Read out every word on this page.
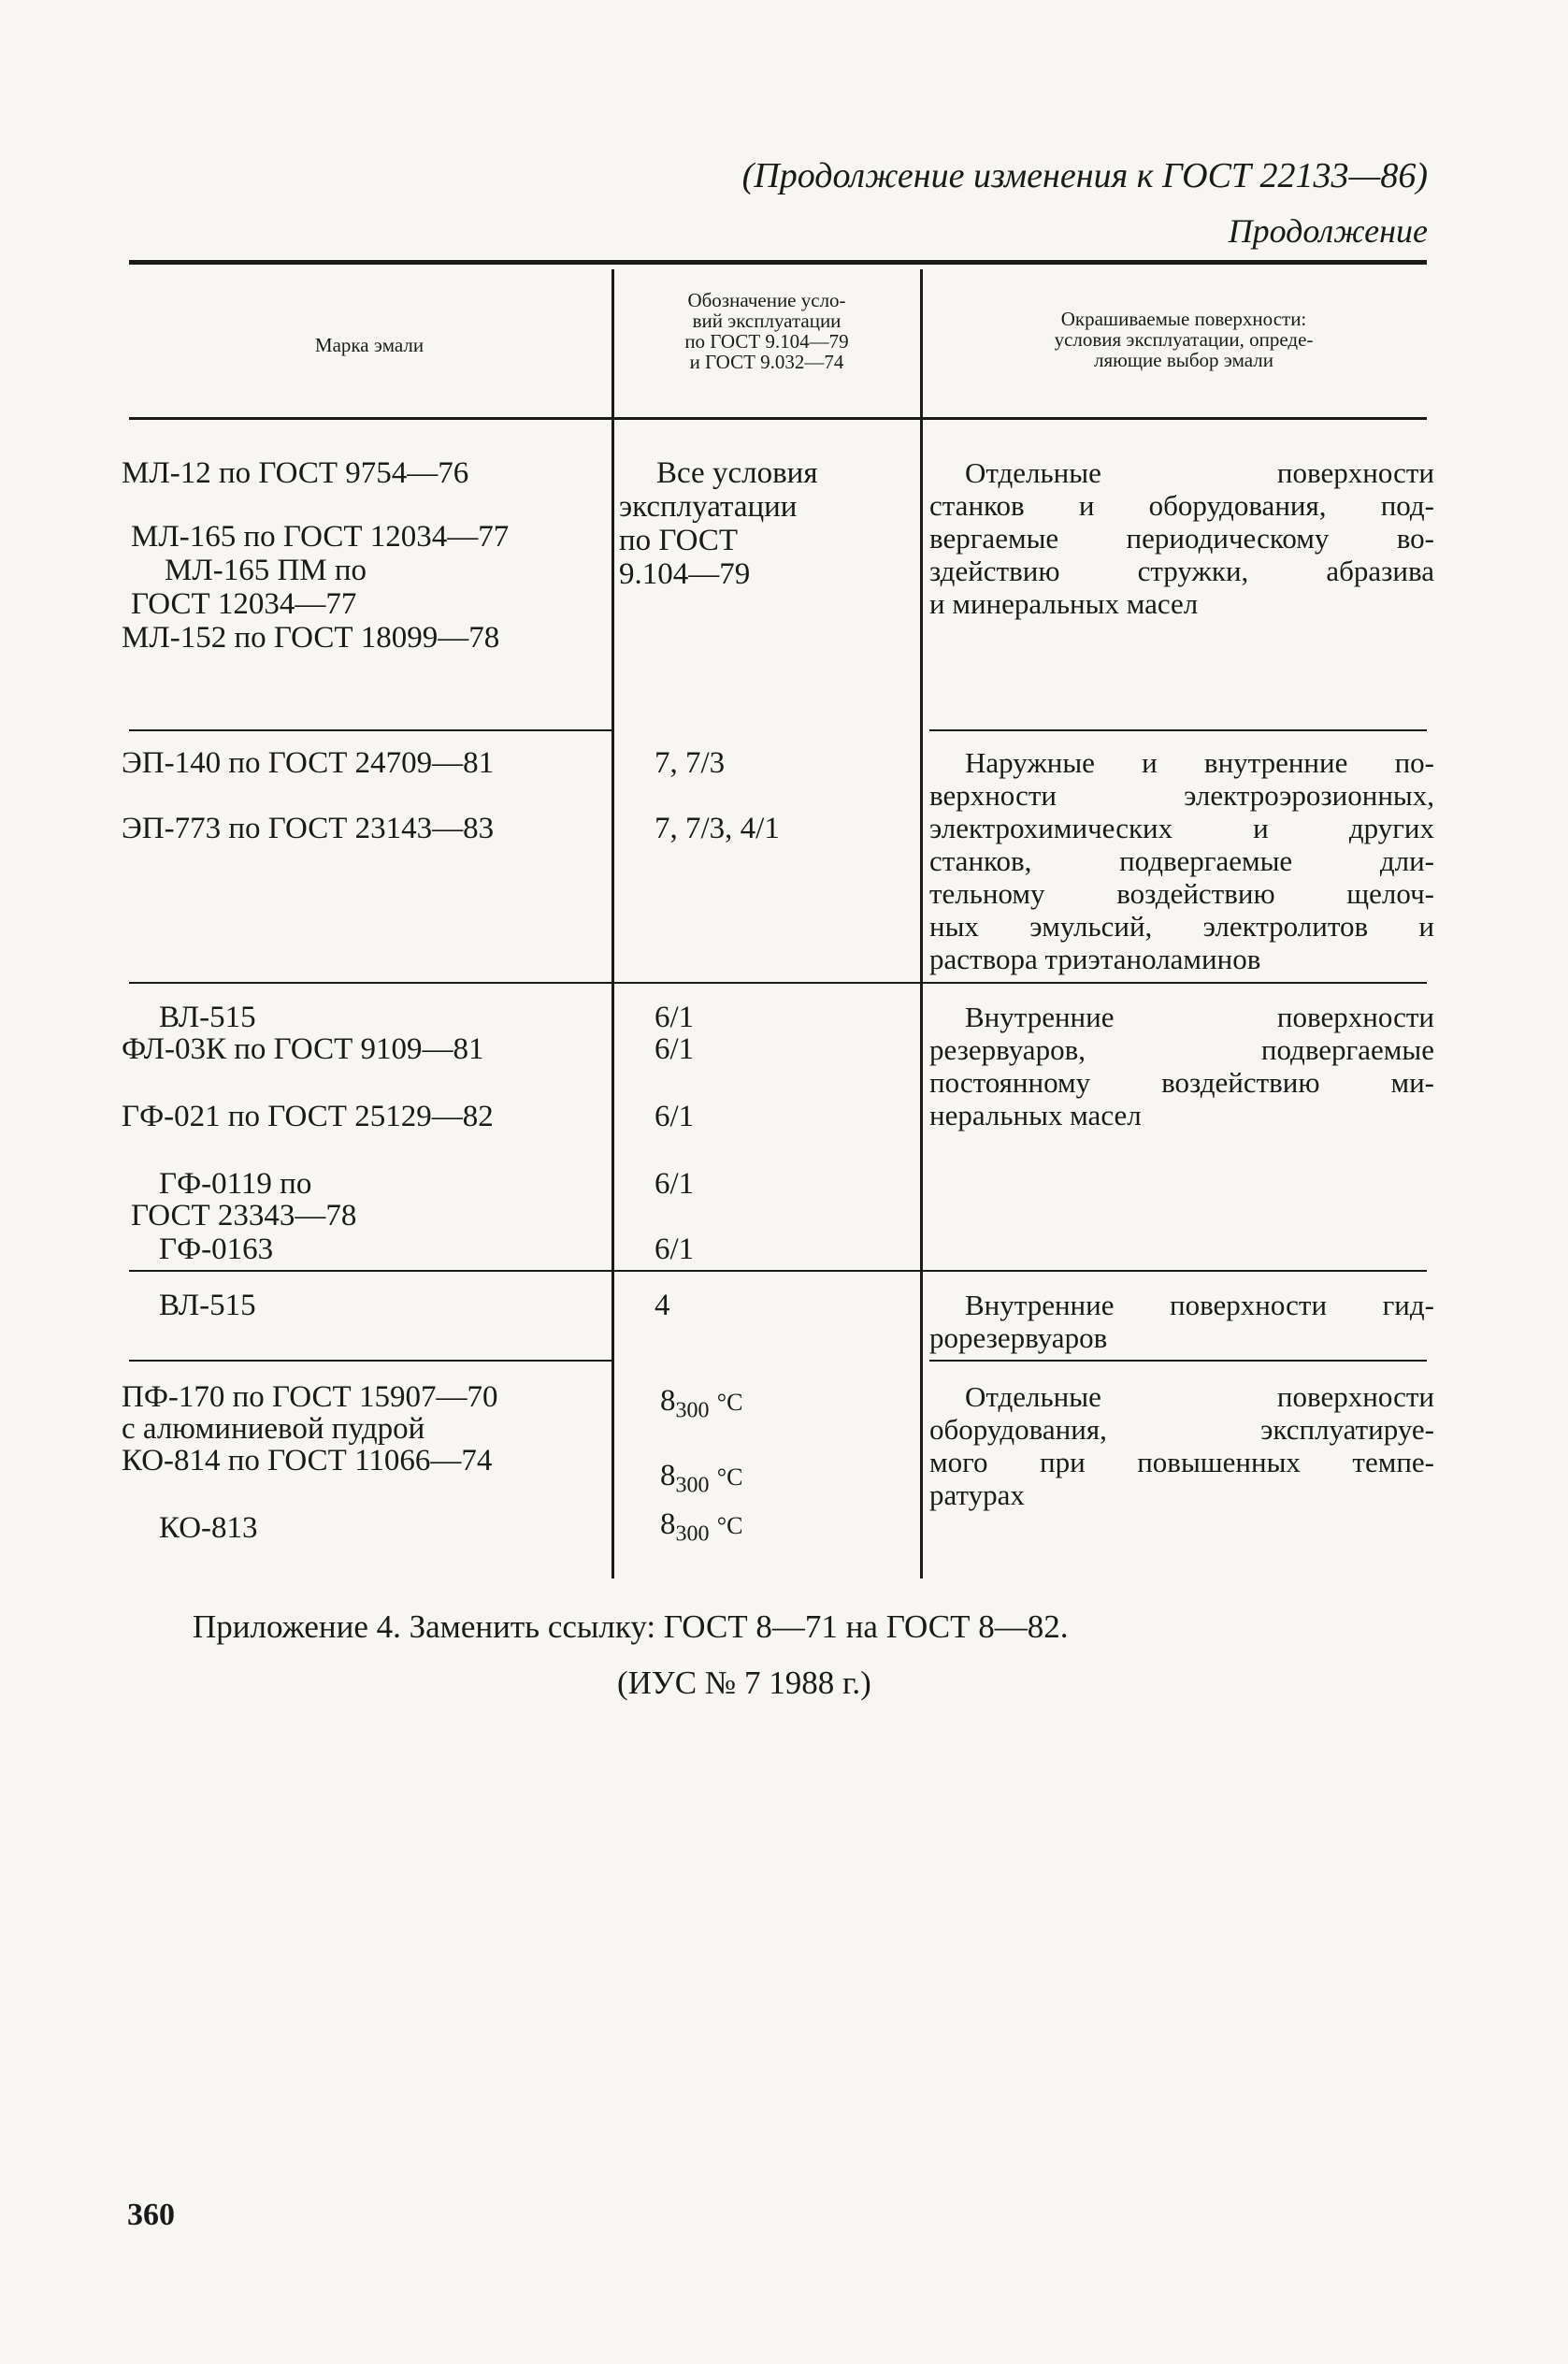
(Продолжение изменения к ГОСТ 22133—86)
Продолжение
Марка эмали
Обозначение усло-
вий эксплуатации
по ГОСТ 9.104—79
и ГОСТ 9.032—74
Окрашиваемые поверхности:
условия эксплуатации, опреде-
ляющие выбор эмали
МЛ-12 по ГОСТ 9754—76
МЛ-165 по ГОСТ 12034—77
МЛ-165 ПМ по
ГОСТ 12034—77
МЛ-152 по ГОСТ 18099—78
Все условия
эксплуатации
по ГОСТ
9.104—79
Отдельные поверхности
станков и оборудования, под-
вергаемые периодическому во-
здействию стружки, абразива
и минеральных масел
ЭП-140 по ГОСТ 24709—81
ЭП-773 по ГОСТ 23143—83
7, 7/3
7, 7/3, 4/1
Наружные и внутренние по-
верхности электроэрозионных,
электрохимических и других
станков, подвергаемые дли-
тельному воздействию щелоч-
ных эмульсий, электролитов и
раствора триэтаноламинов
ВЛ-515
ФЛ-03К по ГОСТ 9109—81
ГФ-021 по ГОСТ 25129—82
ГФ-0119 по
ГОСТ 23343—78
ГФ-0163
6/1
6/1
6/1
6/1
6/1
Внутренние поверхности
резервуаров, подвергаемые
постоянному воздействию ми-
неральных масел
ВЛ-515	4	Внутренние поверхности гид-
рорезервуаров
ПФ-170 по ГОСТ 15907—70
с алюминиевой пудрой
КО-814 по ГОСТ 11066—74
КО-813
$8_{300}$ °С
$8_{300}$ °С
$8_{300}$ °С
Отдельные поверхности
оборудования, эксплуатируе-
мого при повышенных темпе-
ратурах
Приложение 4. Заменить ссылку: ГОСТ 8—71 на ГОСТ 8—82.
(ИУС № 7 1988 г.)
360
